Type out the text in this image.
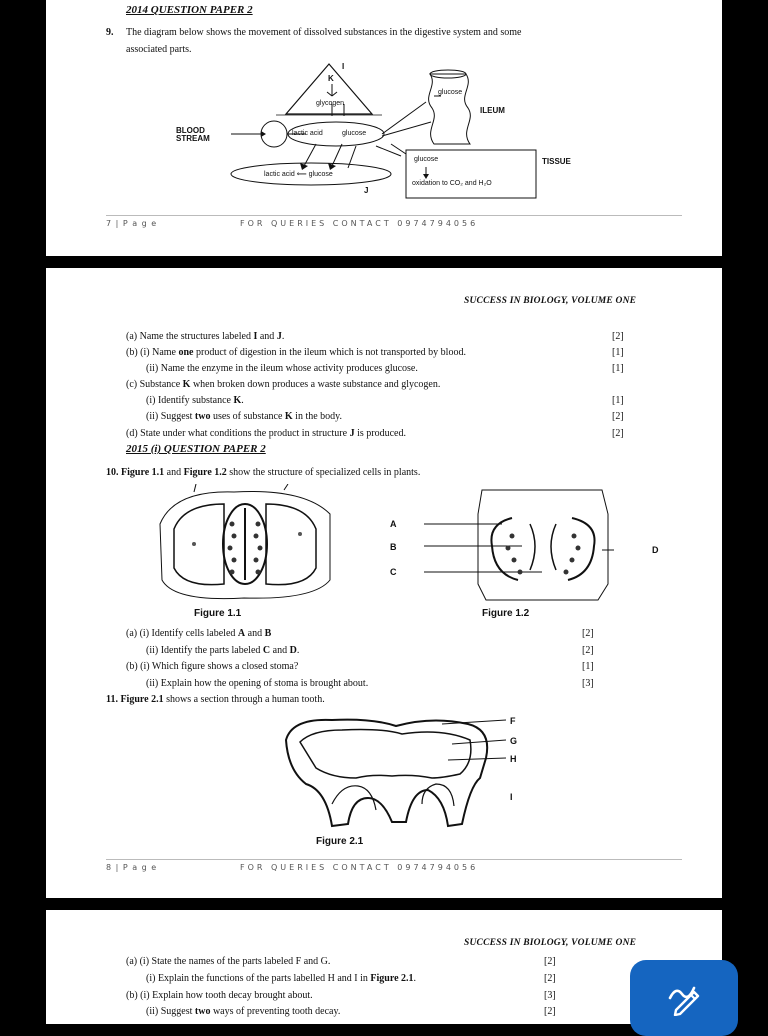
2014 QUESTION PAPER 2
9. The diagram below shows the movement of dissolved substances in the digestive system and some
associated parts.
I
K
glycogen
glucose
ILEUM
BLOOD
STREAM
lactic acid	glucose
TISSUE
glucose
oxidation to CO₂ and H₂O
lactic acid ⟸ glucose
J
7 | P a g e	FOR QUERIES CONTACT 0974794056
SUCCESS IN BIOLOGY, VOLUME ONE
(a) Name the structures labeled I and J.	[2]
(b) (i) Name one product of digestion in the ileum which is not transported by blood.	[1]
(ii) Name the enzyme in the ileum whose activity produces glucose.	[1]
(c) Substance K when broken down produces a waste substance and glycogen.
(i) Identify substance K.	[1]
(ii) Suggest two uses of substance K in the body.	[2]
(d) State under what conditions the product in structure J is produced.	[2]
2015 (i) QUESTION PAPER 2
10. Figure 1.1 and Figure 1.2 show the structure of specialized cells in plants.
Figure 1.1
A
B
C
D
Figure 1.2
(a) (i) Identify cells labeled A and B	[2]
(ii) Identify the parts labeled C and D.	[2]
(b) (i) Which figure shows a closed stoma?	[1]
(ii) Explain how the opening of stoma is brought about.	[3]
11. Figure 2.1 shows a section through a human tooth.
F
G
H
I
Figure 2.1
8 | P a g e	FOR QUERIES CONTACT 0974794056
SUCCESS IN BIOLOGY, VOLUME ONE
(a) (i) State the names of the parts labeled F and G.	[2]
(i) Explain the functions of the parts labelled H and I in Figure 2.1.	[2]
(b) (i) Explain how tooth decay brought about.	[3]
(ii) Suggest two ways of preventing tooth decay.	[2]
